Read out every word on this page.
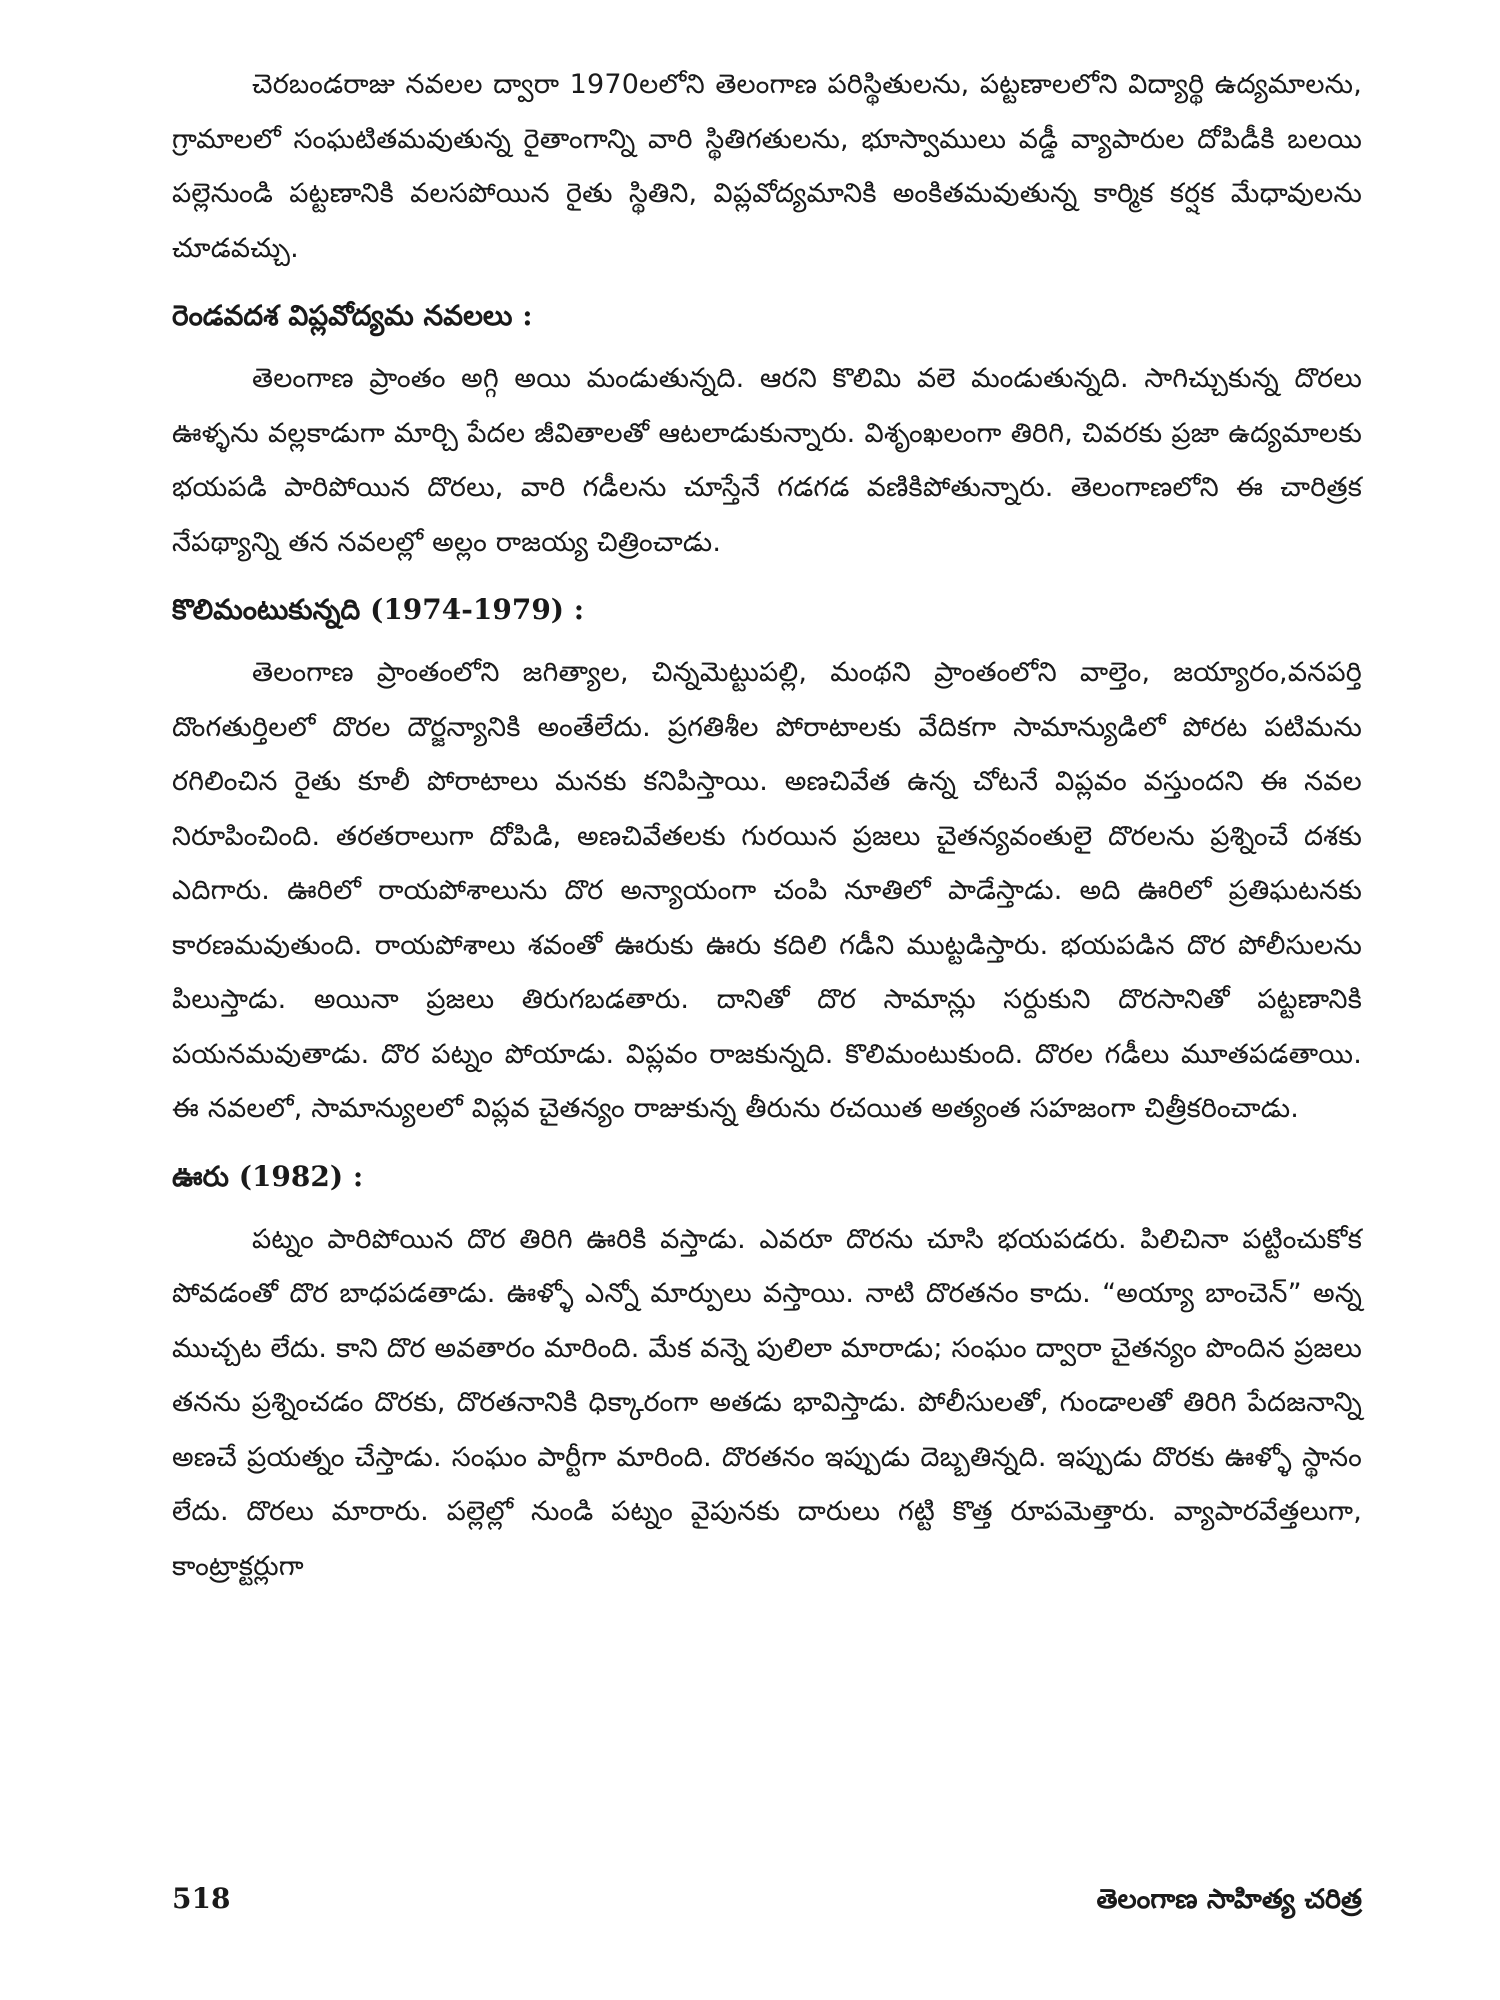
చెరబండరాజు నవలల ద్వారా 1970లలోని తెలంగాణ పరిస్థితులను, పట్టణాలలోని విద్యార్థి ఉద్యమాలను, గ్రామాలలో సంఘటితమవుతున్న రైతాంగాన్ని వారి స్థితిగతులను, భూస్వాములు వడ్డీ వ్యాపారుల దోపిడీకి బలయి పల్లెనుండి పట్టణానికి వలసపోయిన రైతు స్థితిని, విప్లవోద్యమానికి అంకితమవుతున్న కార్మిక కర్షక మేధావులను చూడవచ్చు.

రెండవదశ విప్లవోద్యమ నవలలు :

తెలంగాణ ప్రాంతం అగ్గి అయి మండుతున్నది. ఆరని కొలిమి వలె మండుతున్నది. సాగిచ్చుకున్న దొరలు ఊళ్ళను వల్లకాడుగా మార్చి పేదల జీవితాలతో ఆటలాడుకున్నారు. విశృంఖలంగా తిరిగి, చివరకు ప్రజా ఉద్యమాలకు భయపడి పారిపోయిన దొరలు, వారి గడీలను చూస్తేనే గడగడ వణికిపోతున్నారు. తెలంగాణలోని ఈ చారిత్రక నేపథ్యాన్ని తన నవలల్లో అల్లం రాజయ్య చిత్రించాడు.

కొలిమంటుకున్నది (1974-1979) :

తెలంగాణ ప్రాంతంలోని జగిత్యాల, చిన్నమెట్టుపల్లి, మంథని ప్రాంతంలోని వాల్తెం, జయ్యారం,వనపర్తి దొంగతుర్తిలలో దొరల దౌర్జన్యానికి అంతేలేదు. ప్రగతిశీల పోరాటాలకు వేదికగా సామాన్యుడిలో పోరట పటిమను రగిలించిన రైతు కూలీ పోరాటాలు మనకు కనిపిస్తాయి. అణచివేత ఉన్న చోటనే విప్లవం వస్తుందని ఈ నవల నిరూపించింది. తరతరాలుగా దోపిడి, అణచివేతలకు గురయిన ప్రజలు చైతన్యవంతులై దొరలను ప్రశ్నించే దశకు ఎదిగారు. ఊరిలో రాయపోశాలును దొర అన్యాయంగా చంపి నూతిలో పాడేస్తాడు. అది ఊరిలో ప్రతిఘటనకు కారణమవుతుంది. రాయపోశాలు శవంతో ఊరుకు ఊరు కదిలి గడీని ముట్టడిస్తారు. భయపడిన దొర పోలీసులను పిలుస్తాడు. అయినా ప్రజలు తిరుగబడతారు. దానితో దొర సామాన్లు సర్దుకుని దొరసానితో పట్టణానికి పయనమవుతాడు. దొర పట్నం పోయాడు. విప్లవం రాజకున్నది. కొలిమంటుకుంది. దొరల గడీలు మూతపడతాయి. ఈ నవలలో, సామాన్యులలో విప్లవ చైతన్యం రాజుకున్న తీరును రచయిత అత్యంత సహజంగా చిత్రీకరించాడు.

ఊరు (1982) :

పట్నం పారిపోయిన దొర తిరిగి ఊరికి వస్తాడు. ఎవరూ దొరను చూసి భయపడరు. పిలిచినా పట్టించుకోక పోవడంతో దొర బాధపడతాడు. ఊళ్ళో ఎన్నో మార్పులు వస్తాయి. నాటి దొరతనం కాదు. “అయ్యా బాంచెన్” అన్న ముచ్చట లేదు. కాని దొర అవతారం మారింది. మేక వన్నె పులిలా మారాడు; సంఘం ద్వారా చైతన్యం పొందిన ప్రజలు తనను ప్రశ్నించడం దొరకు, దొరతనానికి ధిక్కారంగా అతడు భావిస్తాడు. పోలీసులతో, గుండాలతో తిరిగి పేదజనాన్ని అణచే ప్రయత్నం చేస్తాడు. సంఘం పార్టీగా మారింది. దొరతనం ఇప్పుడు దెబ్బతిన్నది. ఇప్పుడు దొరకు ఊళ్ళో స్థానం లేదు. దొరలు మారారు. పల్లెల్లో నుండి పట్నం వైపునకు దారులు గట్టి కొత్త రూపమెత్తారు. వ్యాపారవేత్తలుగా, కాంట్రాక్టర్లుగా

518	తెలంగాణ సాహిత్య చరిత్ర
